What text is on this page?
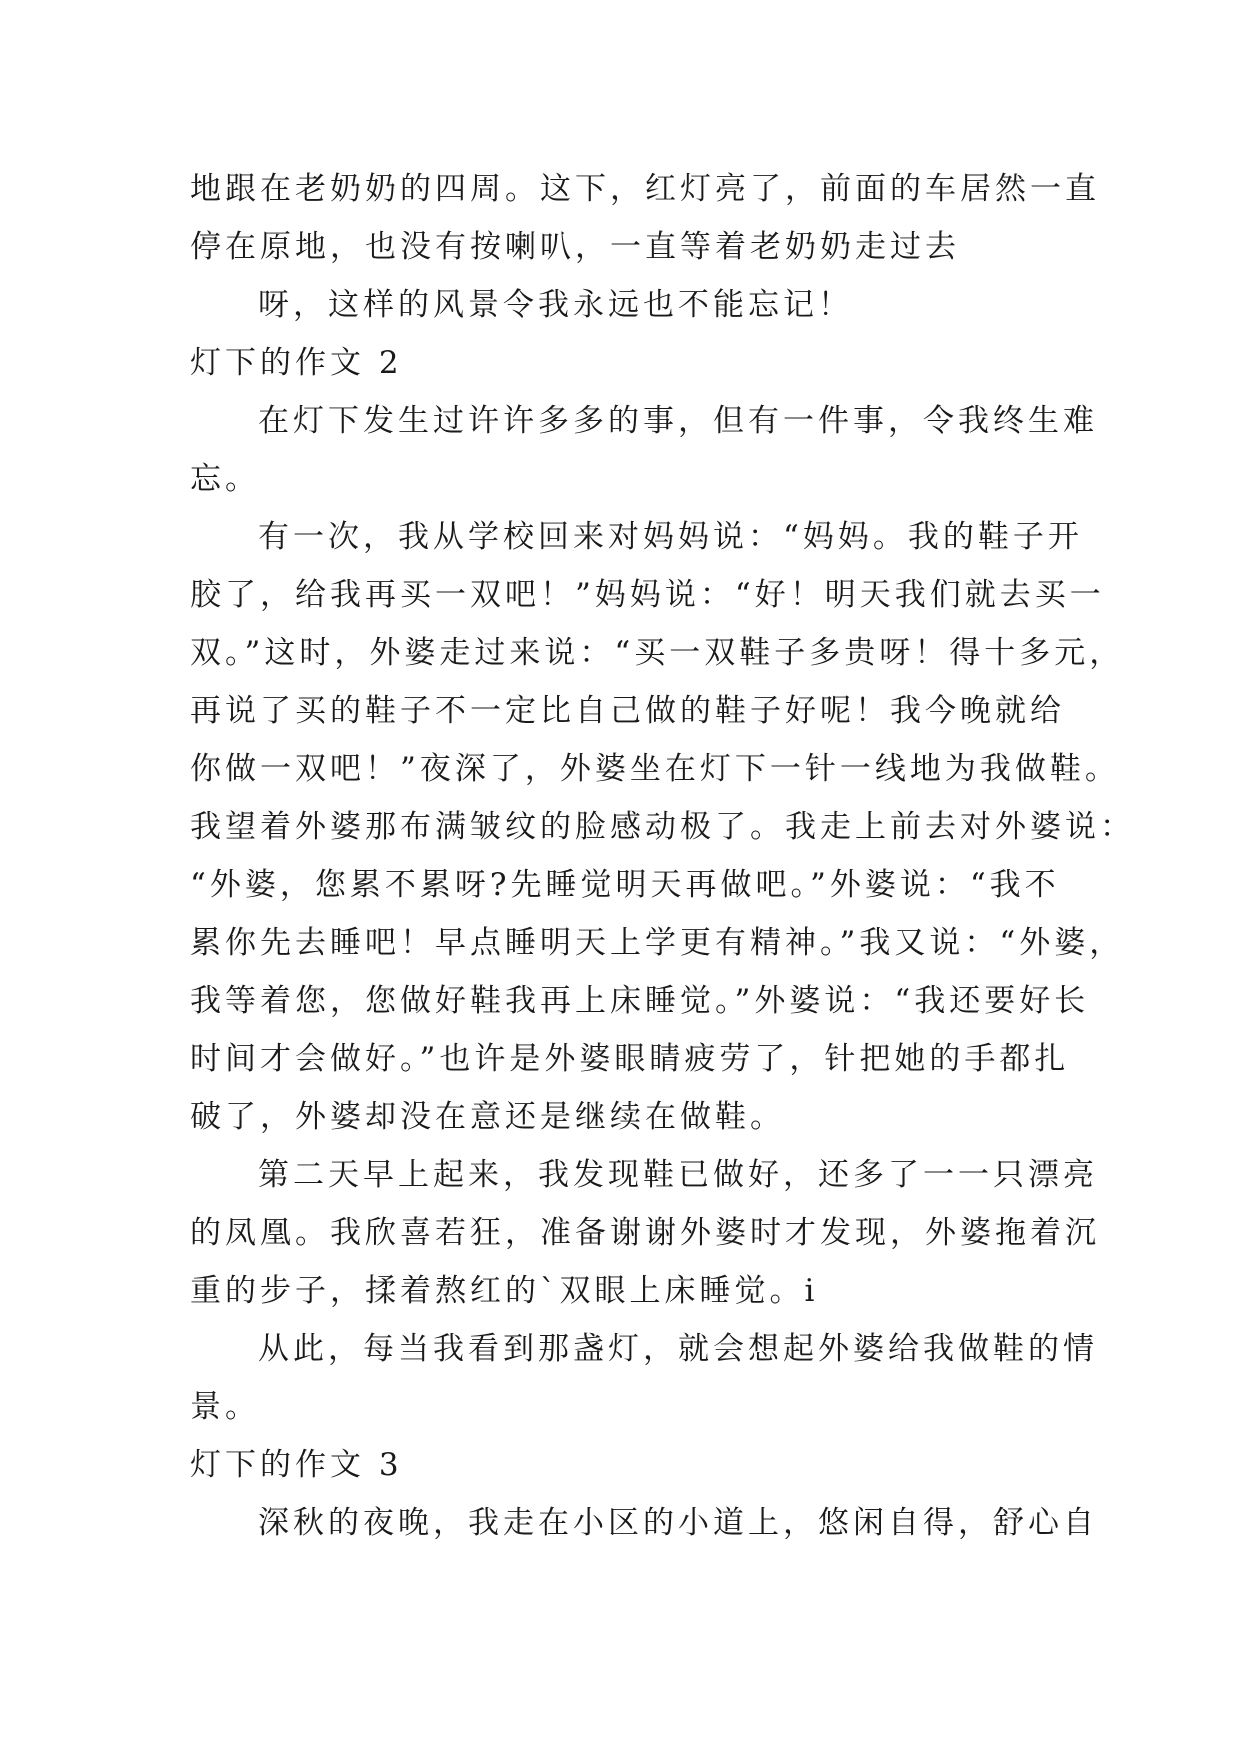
地跟在老奶奶的四周。这下，红灯亮了，前面的车居然一直
停在原地，也没有按喇叭，一直等着老奶奶走过去
呀，这样的风景令我永远也不能忘记！
灯下的作文 2
在灯下发生过许许多多的事，但有一件事，令我终生难
忘。
有一次，我从学校回来对妈妈说：“妈妈。我的鞋子开
胶了，给我再买一双吧！”妈妈说：“好！明天我们就去买一
双。”这时，外婆走过来说：“买一双鞋子多贵呀！得十多元，
再说了买的鞋子不一定比自己做的鞋子好呢！我今晚就给
你做一双吧！”夜深了，外婆坐在灯下一针一线地为我做鞋。
我望着外婆那布满皱纹的脸感动极了。我走上前去对外婆说：
“外婆，您累不累呀?先睡觉明天再做吧。”外婆说：“我不
累你先去睡吧！早点睡明天上学更有精神。”我又说：“外婆，
我等着您，您做好鞋我再上床睡觉。”外婆说：“我还要好长
时间才会做好。”也许是外婆眼睛疲劳了，针把她的手都扎
破了，外婆却没在意还是继续在做鞋。
第二天早上起来，我发现鞋已做好，还多了一一只漂亮
的凤凰。我欣喜若狂，准备谢谢外婆时才发现，外婆拖着沉
重的步子，揉着熬红的`双眼上床睡觉。i
从此，每当我看到那盏灯，就会想起外婆给我做鞋的情
景。
灯下的作文 3
深秋的夜晚，我走在小区的小道上，悠闲自得，舒心自
